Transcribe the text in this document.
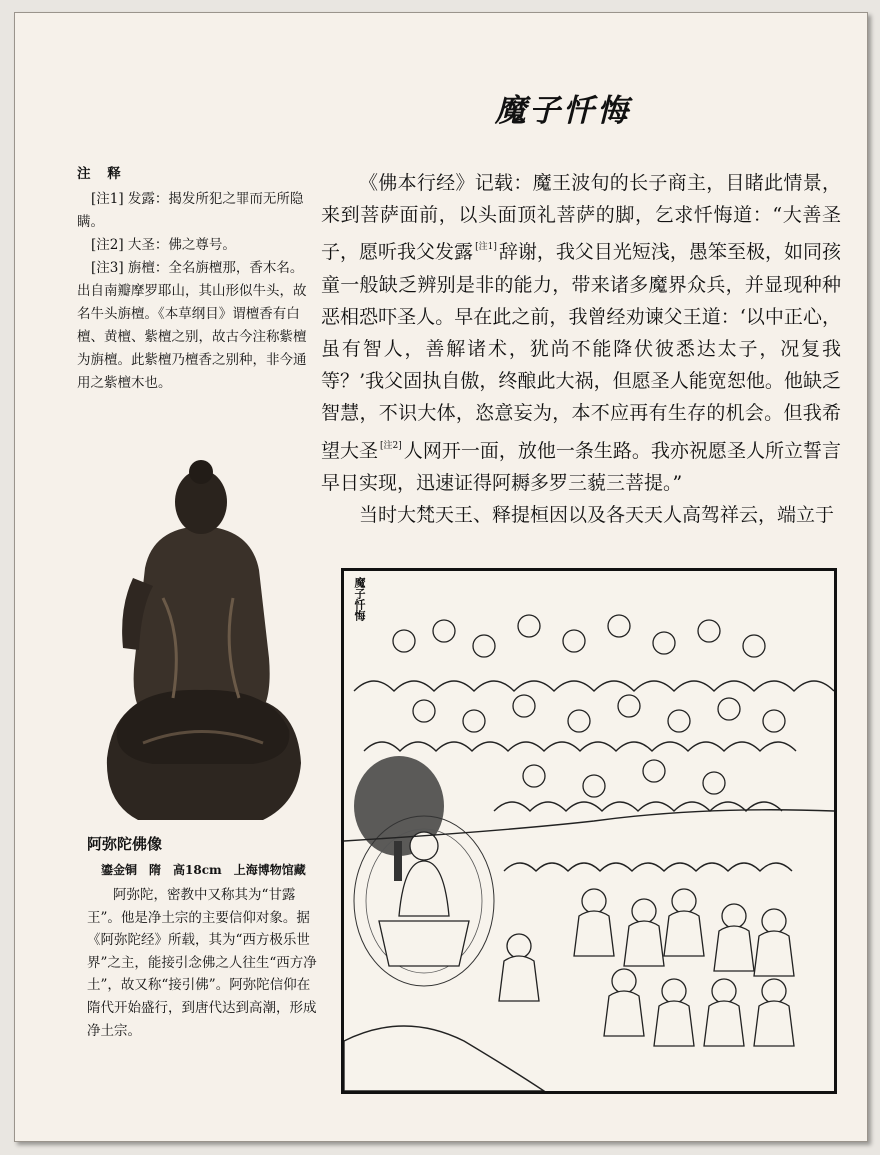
魔子忏悔
注 释

[注1] 发露：揭发所犯之罪而无所隐瞒。

[注2] 大圣：佛之尊号。

[注3] 旃檀：全名旃檀那，香木名。出自南瓣摩罗耶山，其山形似牛头，故名牛头旃檀。《本草纲目》谓檀香有白檀、黄檀、紫檀之别，故古今注称紫檀为旃檀。此紫檀乃檀香之别种，非今通用之紫檀木也。

阿弥陀佛像
鎏金铜　隋　高18cm　上海博物馆藏
阿弥陀，密教中又称其为“甘露王”。他是净土宗的主要信仰对象。据《阿弥陀经》所载，其为“西方极乐世界”之主，能接引念佛之人往生“西方净土”，故又称“接引佛”。阿弥陀信仰在隋代开始盛行，到唐代达到高潮，形成净土宗。

《佛本行经》记载：魔王波旬的长子商主，目睹此情景，来到菩萨面前，以头面顶礼菩萨的脚，乞求忏悔道：“大善圣子，愿听我父发露 [注1] 辞谢，我父目光短浅，愚笨至极，如同孩童一般缺乏辨别是非的能力，带来诸多魔界众兵，并显现种种恶相恐吓圣人。早在此之前，我曾经劝谏父王道：‘以中正心，虽有智人，善解诸术，犹尚不能降伏彼悉达太子，况复我等？’我父固执自傲，终酿此大祸，但愿圣人能宽恕他。他缺乏智慧，不识大体，恣意妄为，本不应再有生存的机会。但我希望大圣 [注2] 人网开一面，放他一条生路。我亦祝愿圣人所立誓言早日实现，迅速证得阿耨多罗三藐三菩提。”

当时大梵天王、释提桓因以及各天天人高驾祥云，端立于

魔子忏悔
